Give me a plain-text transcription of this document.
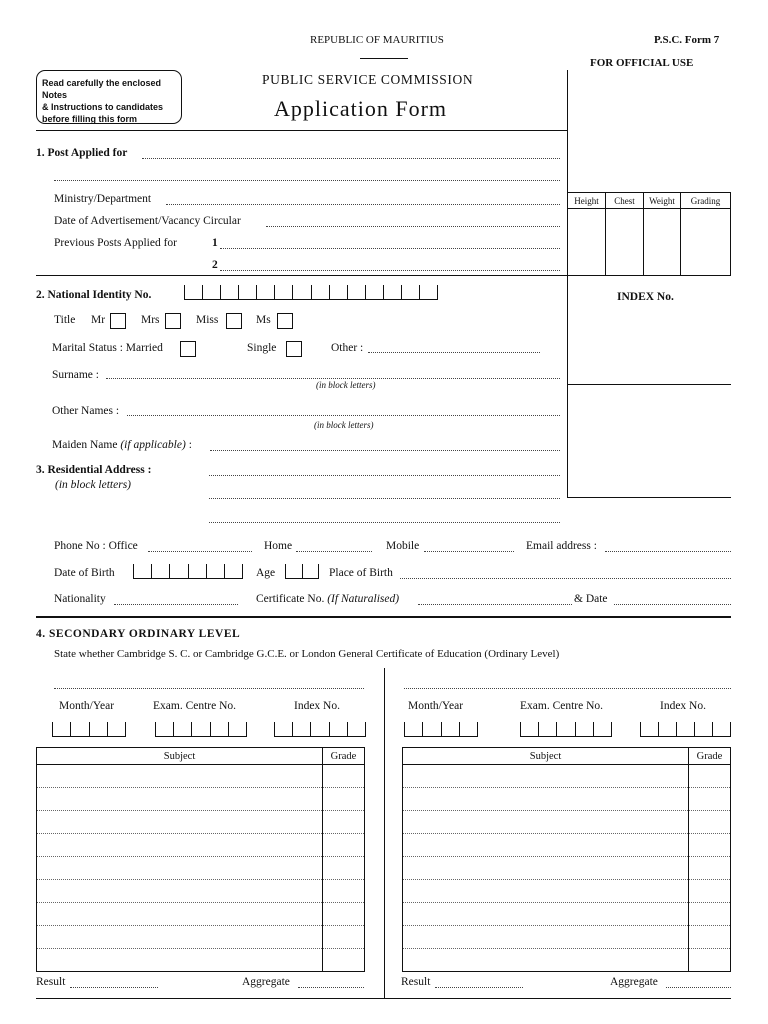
REPUBLIC OF MAURITIUS	P.S.C. Form 7
Read carefully the enclosed Notes
& Instructions to candidates
before filling this form
PUBLIC SERVICE COMMISSION
Application Form
FOR OFFICIAL USE
Height	Chest	Weight	Grading

INDEX No.
1. Post Applied for
Ministry/Department
Date of Advertisement/Vacancy Circular
Previous Posts Applied for	1
2
2. National Identity No.
Title Mr	Mrs	Miss	Ms
Marital Status : Married	Single	Other :
Surname :
(in block letters)
Other Names :
(in block letters)
Maiden Name (if applicable) :
3. Residential Address :
(in block letters)
Phone No : Office	Home	Mobile	Email address :
Date of Birth	Age	Place of Birth
Nationality	Certificate No. (If Naturalised)	& Date
4. SECONDARY ORDINARY LEVEL
State whether Cambridge S. C. or Cambridge G.C.E. or London General Certificate of Education (Ordinary Level)
Month/Year	Exam. Centre No.	Index No.
Subject	Grade

Result	Aggregate
Month/Year	Exam. Centre No.	Index No.
Subject	Grade

Result	Aggregate
